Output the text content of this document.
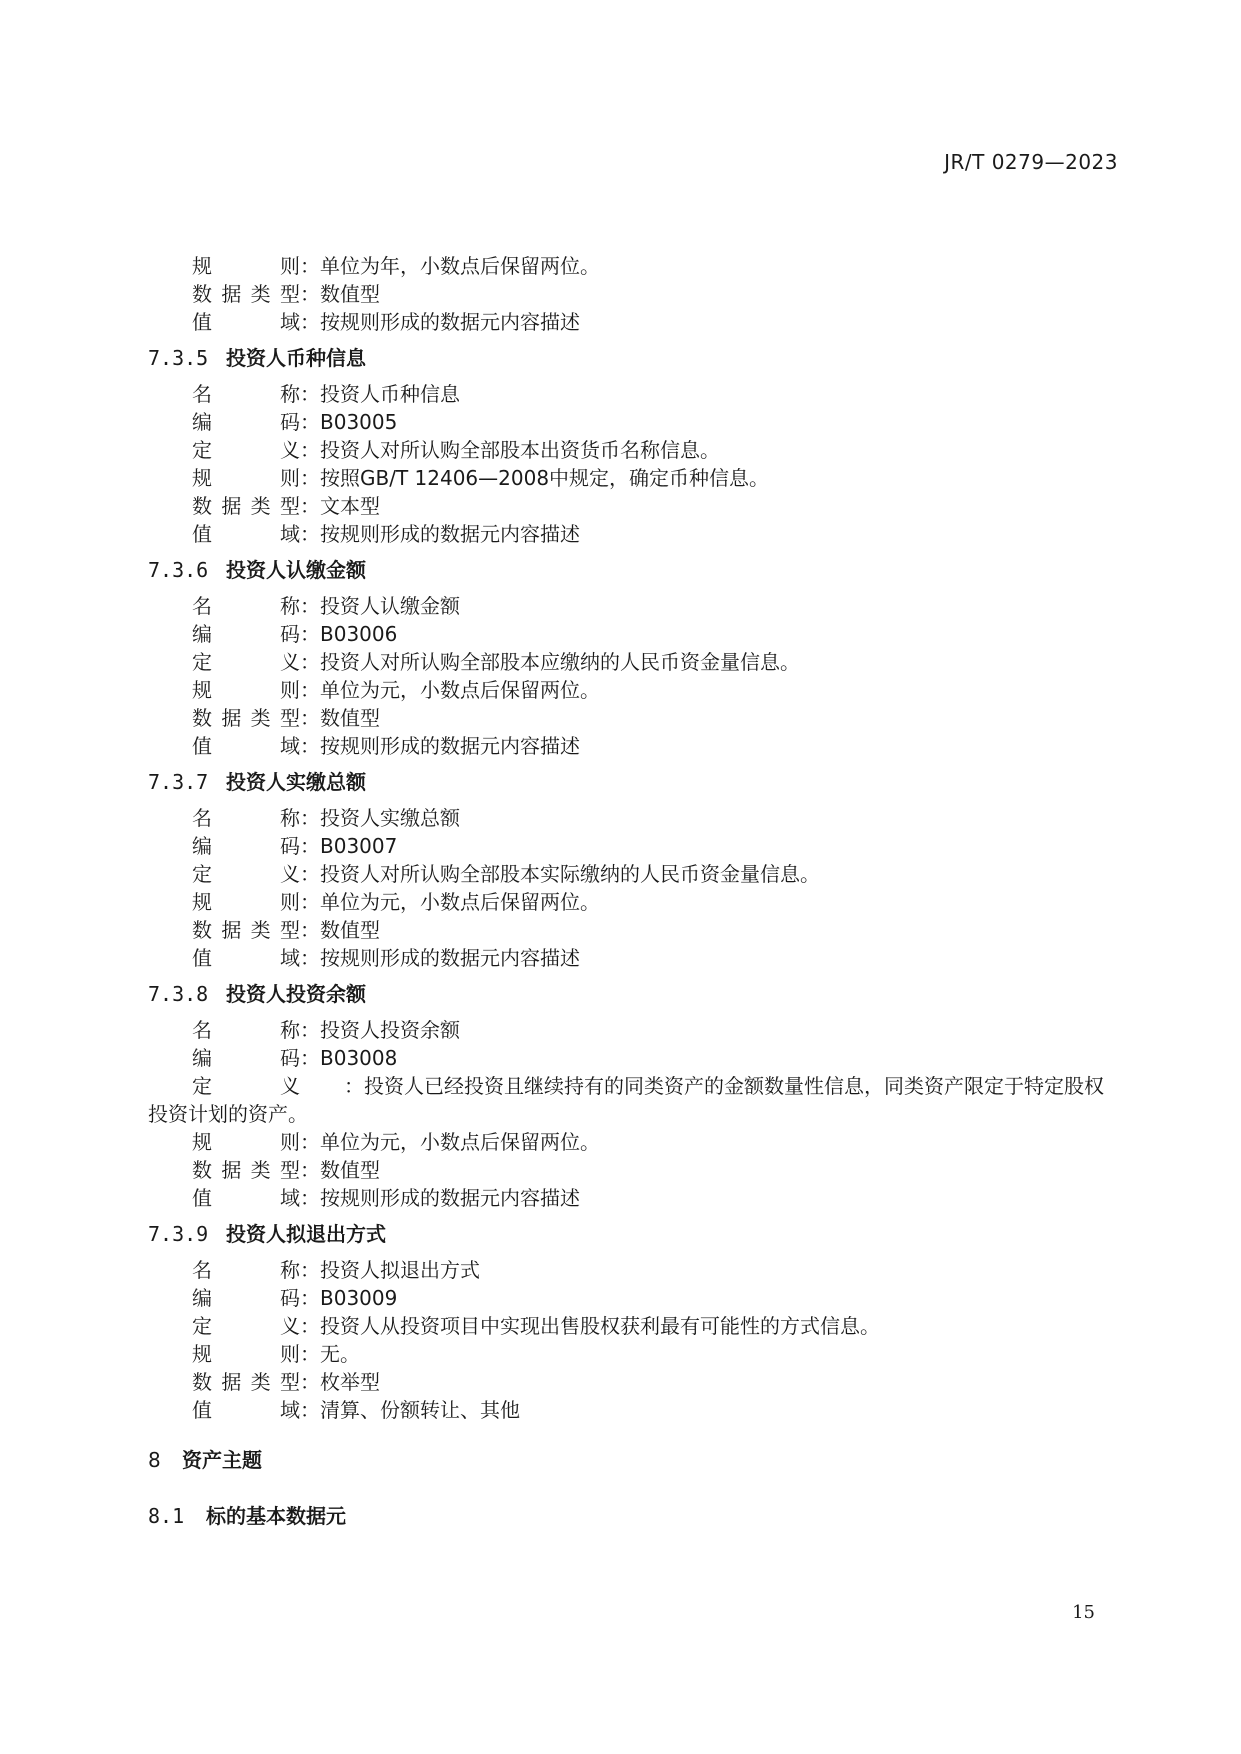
JR/T 0279—2023
规则：单位为年，小数点后保留两位。
数据类型：数值型
值域：按规则形成的数据元内容描述
7.3.5 投资人币种信息
名称：投资人币种信息
编码：B03005
定义：投资人对所认购全部股本出资货币名称信息。
规则：按照GB/T 12406—2008中规定，确定币种信息。
数据类型：文本型
值域：按规则形成的数据元内容描述
7.3.6 投资人认缴金额
名称：投资人认缴金额
编码：B03006
定义：投资人对所认购全部股本应缴纳的人民币资金量信息。
规则：单位为元，小数点后保留两位。
数据类型：数值型
值域：按规则形成的数据元内容描述
7.3.7 投资人实缴总额
名称：投资人实缴总额
编码：B03007
定义：投资人对所认购全部股本实际缴纳的人民币资金量信息。
规则：单位为元，小数点后保留两位。
数据类型：数值型
值域：按规则形成的数据元内容描述
7.3.8 投资人投资余额
名称：投资人投资余额
编码：B03008
定义 ：投资人已经投资且继续持有的同类资产的金额数量性信息，同类资产限定于特定股权投资计划的资产。
规则：单位为元，小数点后保留两位。
数据类型：数值型
值域：按规则形成的数据元内容描述
7.3.9 投资人拟退出方式
名称：投资人拟退出方式
编码：B03009
定义：投资人从投资项目中实现出售股权获利最有可能性的方式信息。
规则：无。
数据类型：枚举型
值域：清算、份额转让、其他
8 资产主题
8.1 标的基本数据元
15
